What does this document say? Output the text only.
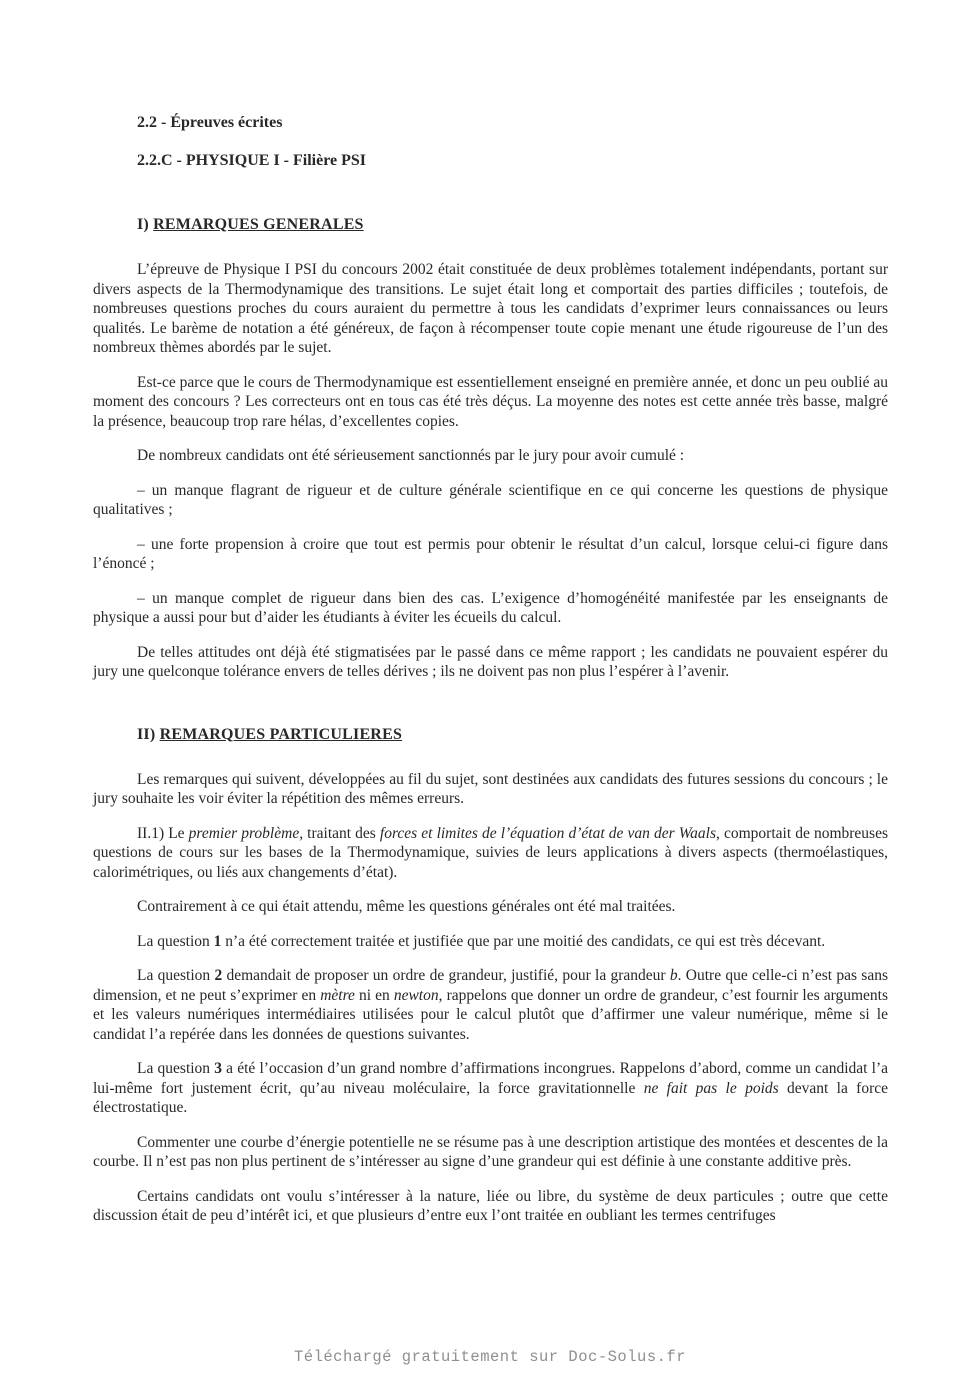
2.2 - Épreuves écrites
2.2.C - PHYSIQUE I - Filière PSI
I) REMARQUES GENERALES

L’épreuve de Physique I PSI du concours 2002 était constituée de deux problèmes totalement indépendants, portant sur divers aspects de la Thermodynamique des transitions. Le sujet était long et comportait des parties difficiles ; toutefois, de nombreuses questions proches du cours auraient du permettre à tous les candidats d’exprimer leurs connaissances ou leurs qualités. Le barème de notation a été généreux, de façon à récompenser toute copie menant une étude rigoureuse de l’un des nombreux thèmes abordés par le sujet.

Est-ce parce que le cours de Thermodynamique est essentiellement enseigné en première année, et donc un peu oublié au moment des concours ? Les correcteurs ont en tous cas été très déçus. La moyenne des notes est cette année très basse, malgré la présence, beaucoup trop rare hélas, d’excellentes copies.

De nombreux candidats ont été sérieusement sanctionnés par le jury pour avoir cumulé :

– un manque flagrant de rigueur et de culture générale scientifique en ce qui concerne les questions de physique qualitatives ;

– une forte propension à croire que tout est permis pour obtenir le résultat d’un calcul, lorsque celui-ci figure dans l’énoncé ;

– un manque complet de rigueur dans bien des cas. L’exigence d’homogénéité manifestée par les enseignants de physique a aussi pour but d’aider les étudiants à éviter les écueils du calcul.

De telles attitudes ont déjà été stigmatisées par le passé dans ce même rapport ; les candidats ne pouvaient espérer du jury une quelconque tolérance envers de telles dérives ; ils ne doivent pas non plus l’espérer à l’avenir.

II) REMARQUES PARTICULIERES

Les remarques qui suivent, développées au fil du sujet, sont destinées aux candidats des futures sessions du concours ; le jury souhaite les voir éviter la répétition des mêmes erreurs.

II.1) Le premier problème, traitant des forces et limites de l’équation d’état de van der Waals, comportait de nombreuses questions de cours sur les bases de la Thermodynamique, suivies de leurs applications à divers aspects (thermoélastiques, calorimétriques, ou liés aux changements d’état).

Contrairement à ce qui était attendu, même les questions générales ont été mal traitées.

La question 1 n’a été correctement traitée et justifiée que par une moitié des candidats, ce qui est très décevant.

La question 2 demandait de proposer un ordre de grandeur, justifié, pour la grandeur b. Outre que celle-ci n’est pas sans dimension, et ne peut s’exprimer en mètre ni en newton, rappelons que donner un ordre de grandeur, c’est fournir les arguments et les valeurs numériques intermédiaires utilisées pour le calcul plutôt que d’affirmer une valeur numérique, même si le candidat l’a repérée dans les données de questions suivantes.

La question 3 a été l’occasion d’un grand nombre d’affirmations incongrues. Rappelons d’abord, comme un candidat l’a lui-même fort justement écrit, qu’au niveau moléculaire, la force gravitationnelle ne fait pas le poids devant la force électrostatique.

Commenter une courbe d’énergie potentielle ne se résume pas à une description artistique des montées et descentes de la courbe. Il n’est pas non plus pertinent de s’intéresser au signe d’une grandeur qui est définie à une constante additive près.

Certains candidats ont voulu s’intéresser à la nature, liée ou libre, du système de deux particules ; outre que cette discussion était de peu d’intérêt ici, et que plusieurs d’entre eux l’ont traitée en oubliant les termes centrifuges

Téléchargé gratuitement sur Doc-Solus.fr
